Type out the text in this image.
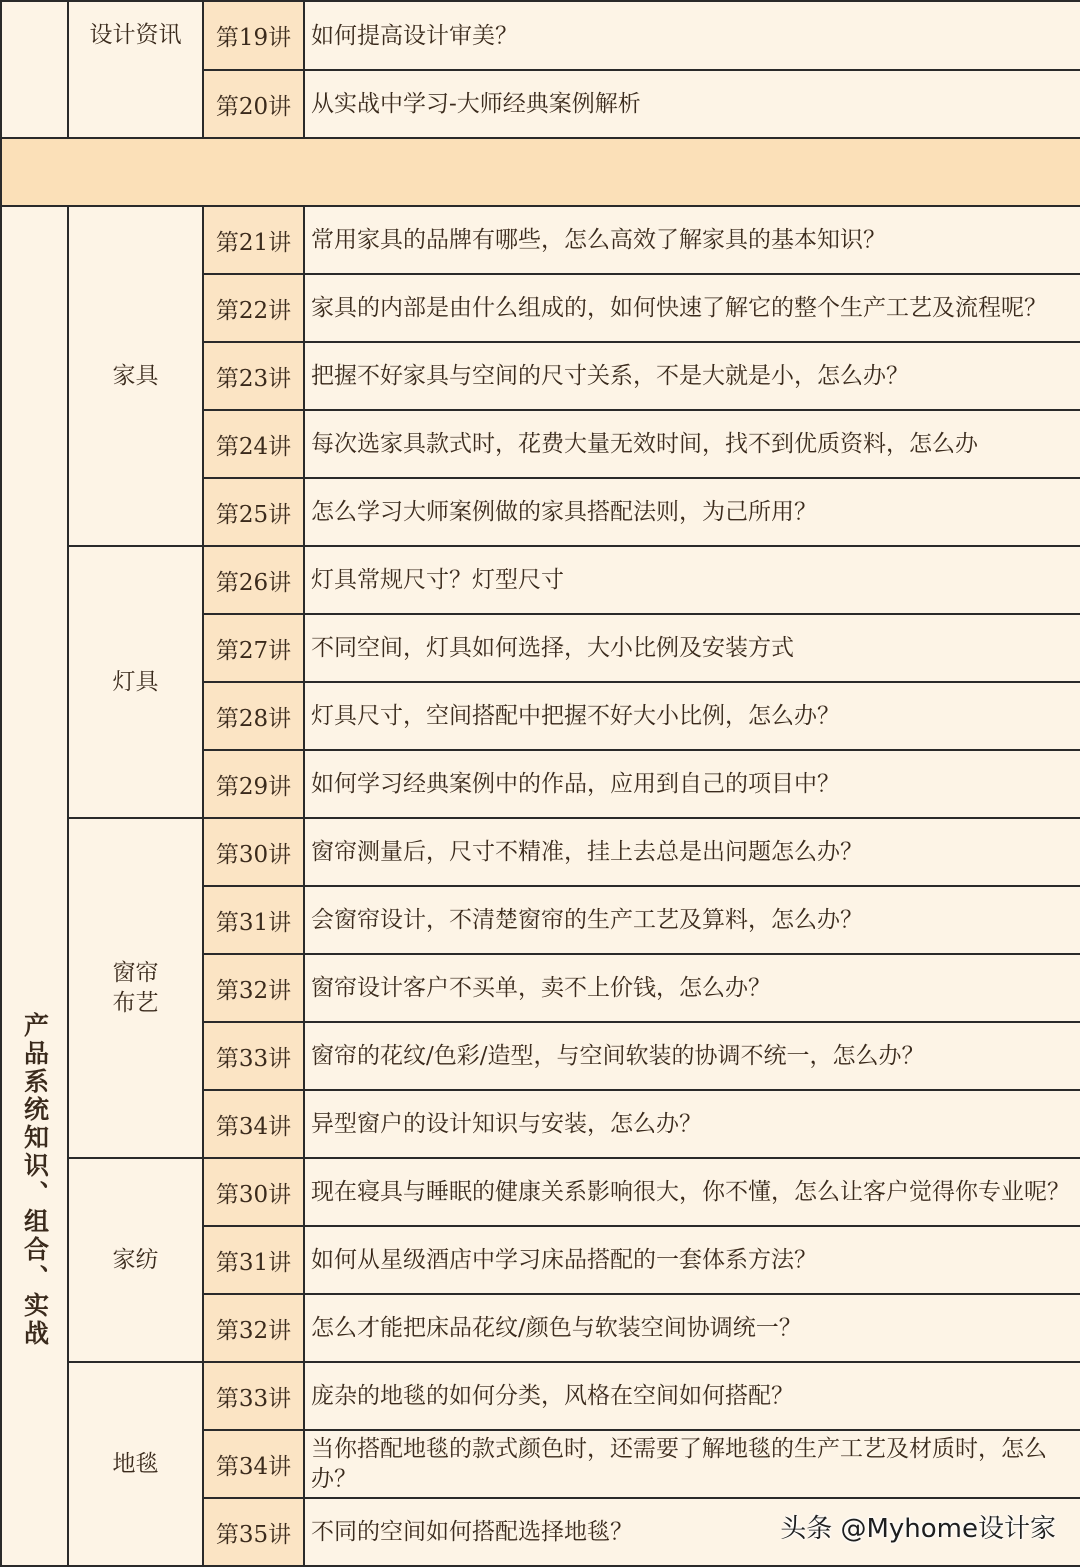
	设计资讯	第19讲	如何提高设计审美？
		第20讲	从实战中学习-大师经典案例解析

产品系统知识、组合、实战	家具	第21讲	常用家具的品牌有哪些，怎么高效了解家具的基本知识？
		第22讲	家具的内部是由什么组成的，如何快速了解它的整个生产工艺及流程呢？
		第23讲	把握不好家具与空间的尺寸关系，不是大就是小，怎么办？
		第24讲	每次选家具款式时，花费大量无效时间，找不到优质资料，怎么办
		第25讲	怎么学习大师案例做的家具搭配法则，为己所用？
	灯具	第26讲	灯具常规尺寸？灯型尺寸
		第27讲	不同空间，灯具如何选择，大小比例及安装方式
		第28讲	灯具尺寸，空间搭配中把握不好大小比例，怎么办？
		第29讲	如何学习经典案例中的作品，应用到自己的项目中？
	窗帘布艺	第30讲	窗帘测量后，尺寸不精准，挂上去总是出问题怎么办？
		第31讲	会窗帘设计，不清楚窗帘的生产工艺及算料，怎么办？
		第32讲	窗帘设计客户不买单，卖不上价钱，怎么办？
		第33讲	窗帘的花纹/色彩/造型，与空间软装的协调不统一，怎么办？
		第34讲	异型窗户的设计知识与安装，怎么办？
	家纺	第30讲	现在寝具与睡眠的健康关系影响很大，你不懂，怎么让客户觉得你专业呢？
		第31讲	如何从星级酒店中学习床品搭配的一套体系方法？
		第32讲	怎么才能把床品花纹/颜色与软装空间协调统一？
	地毯	第33讲	庞杂的地毯的如何分类，风格在空间如何搭配？
		第34讲	当你搭配地毯的款式颜色时，还需要了解地毯的生产工艺及材质时，怎么办？
		第35讲	不同的空间如何搭配选择地毯？	头条 @Myhome设计家
